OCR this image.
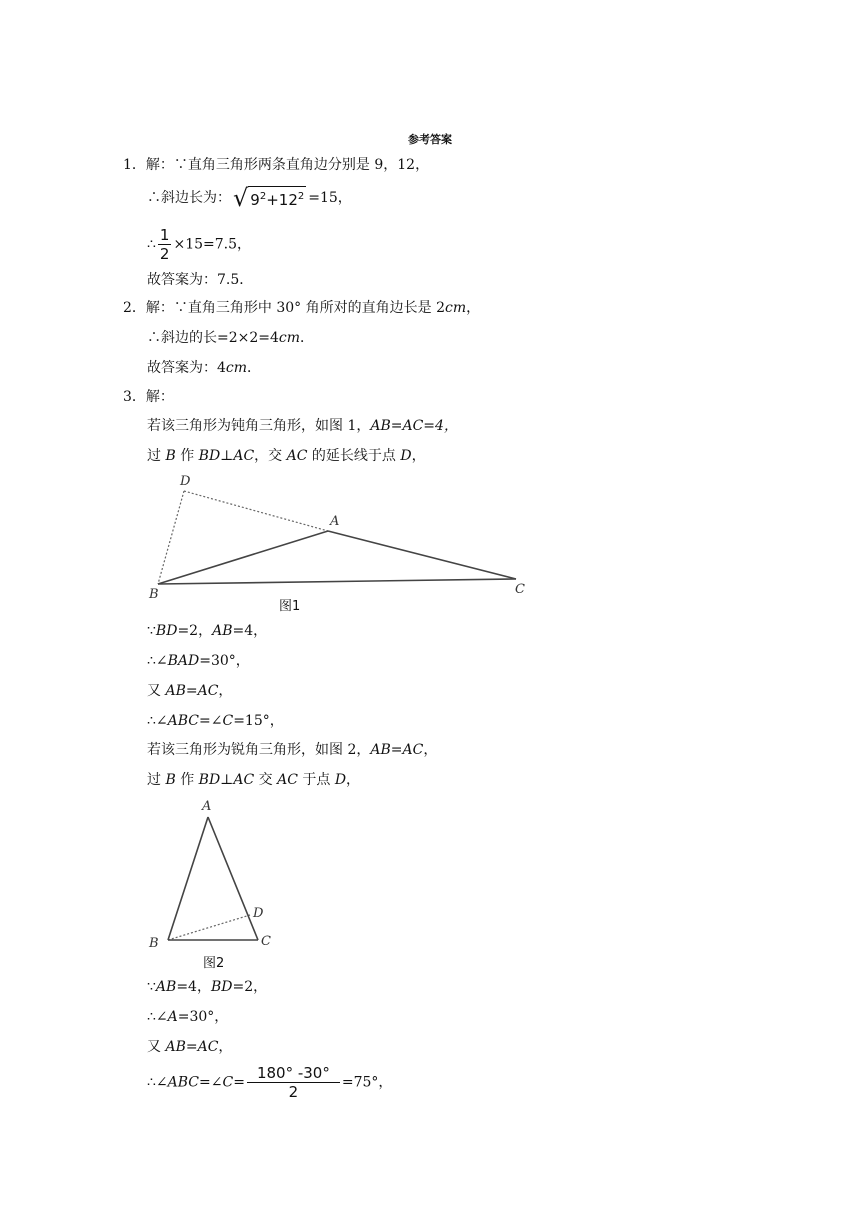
参考答案
1．解：∵直角三角形两条直角边分别是 9，12，
∴斜边长为： √ $9^2+12^2 =15$，
∴ $\frac{1}{2} \times 15=7.5$，
故答案为：7.5．
2．解：∵直角三角形中 30° 角所对的直角边长是 2cm，
∴斜边的长=2×2=4cm．
故答案为：4cm．
3．解：
若该三角形为钝角三角形，如图 1，AB=AC=4，
过 B 作 BD⊥AC，交 AC 的延长线于点 D，
D
A
B	C
图1
∵BD=2，AB=4，
∴∠BAD=30°，
又 AB=AC，
∴∠ABC=∠C=15°，
若该三角形为锐角三角形，如图 2，AB=AC，
过 B 作 BD⊥AC 交 AC 于点 D，
A
D
B	C
图2
∵AB=4，BD=2，
∴∠A=30°，
又 AB=AC，
∴∠ABC=∠C= $\frac{180^\circ -30^\circ}{2} =75^\circ$，
